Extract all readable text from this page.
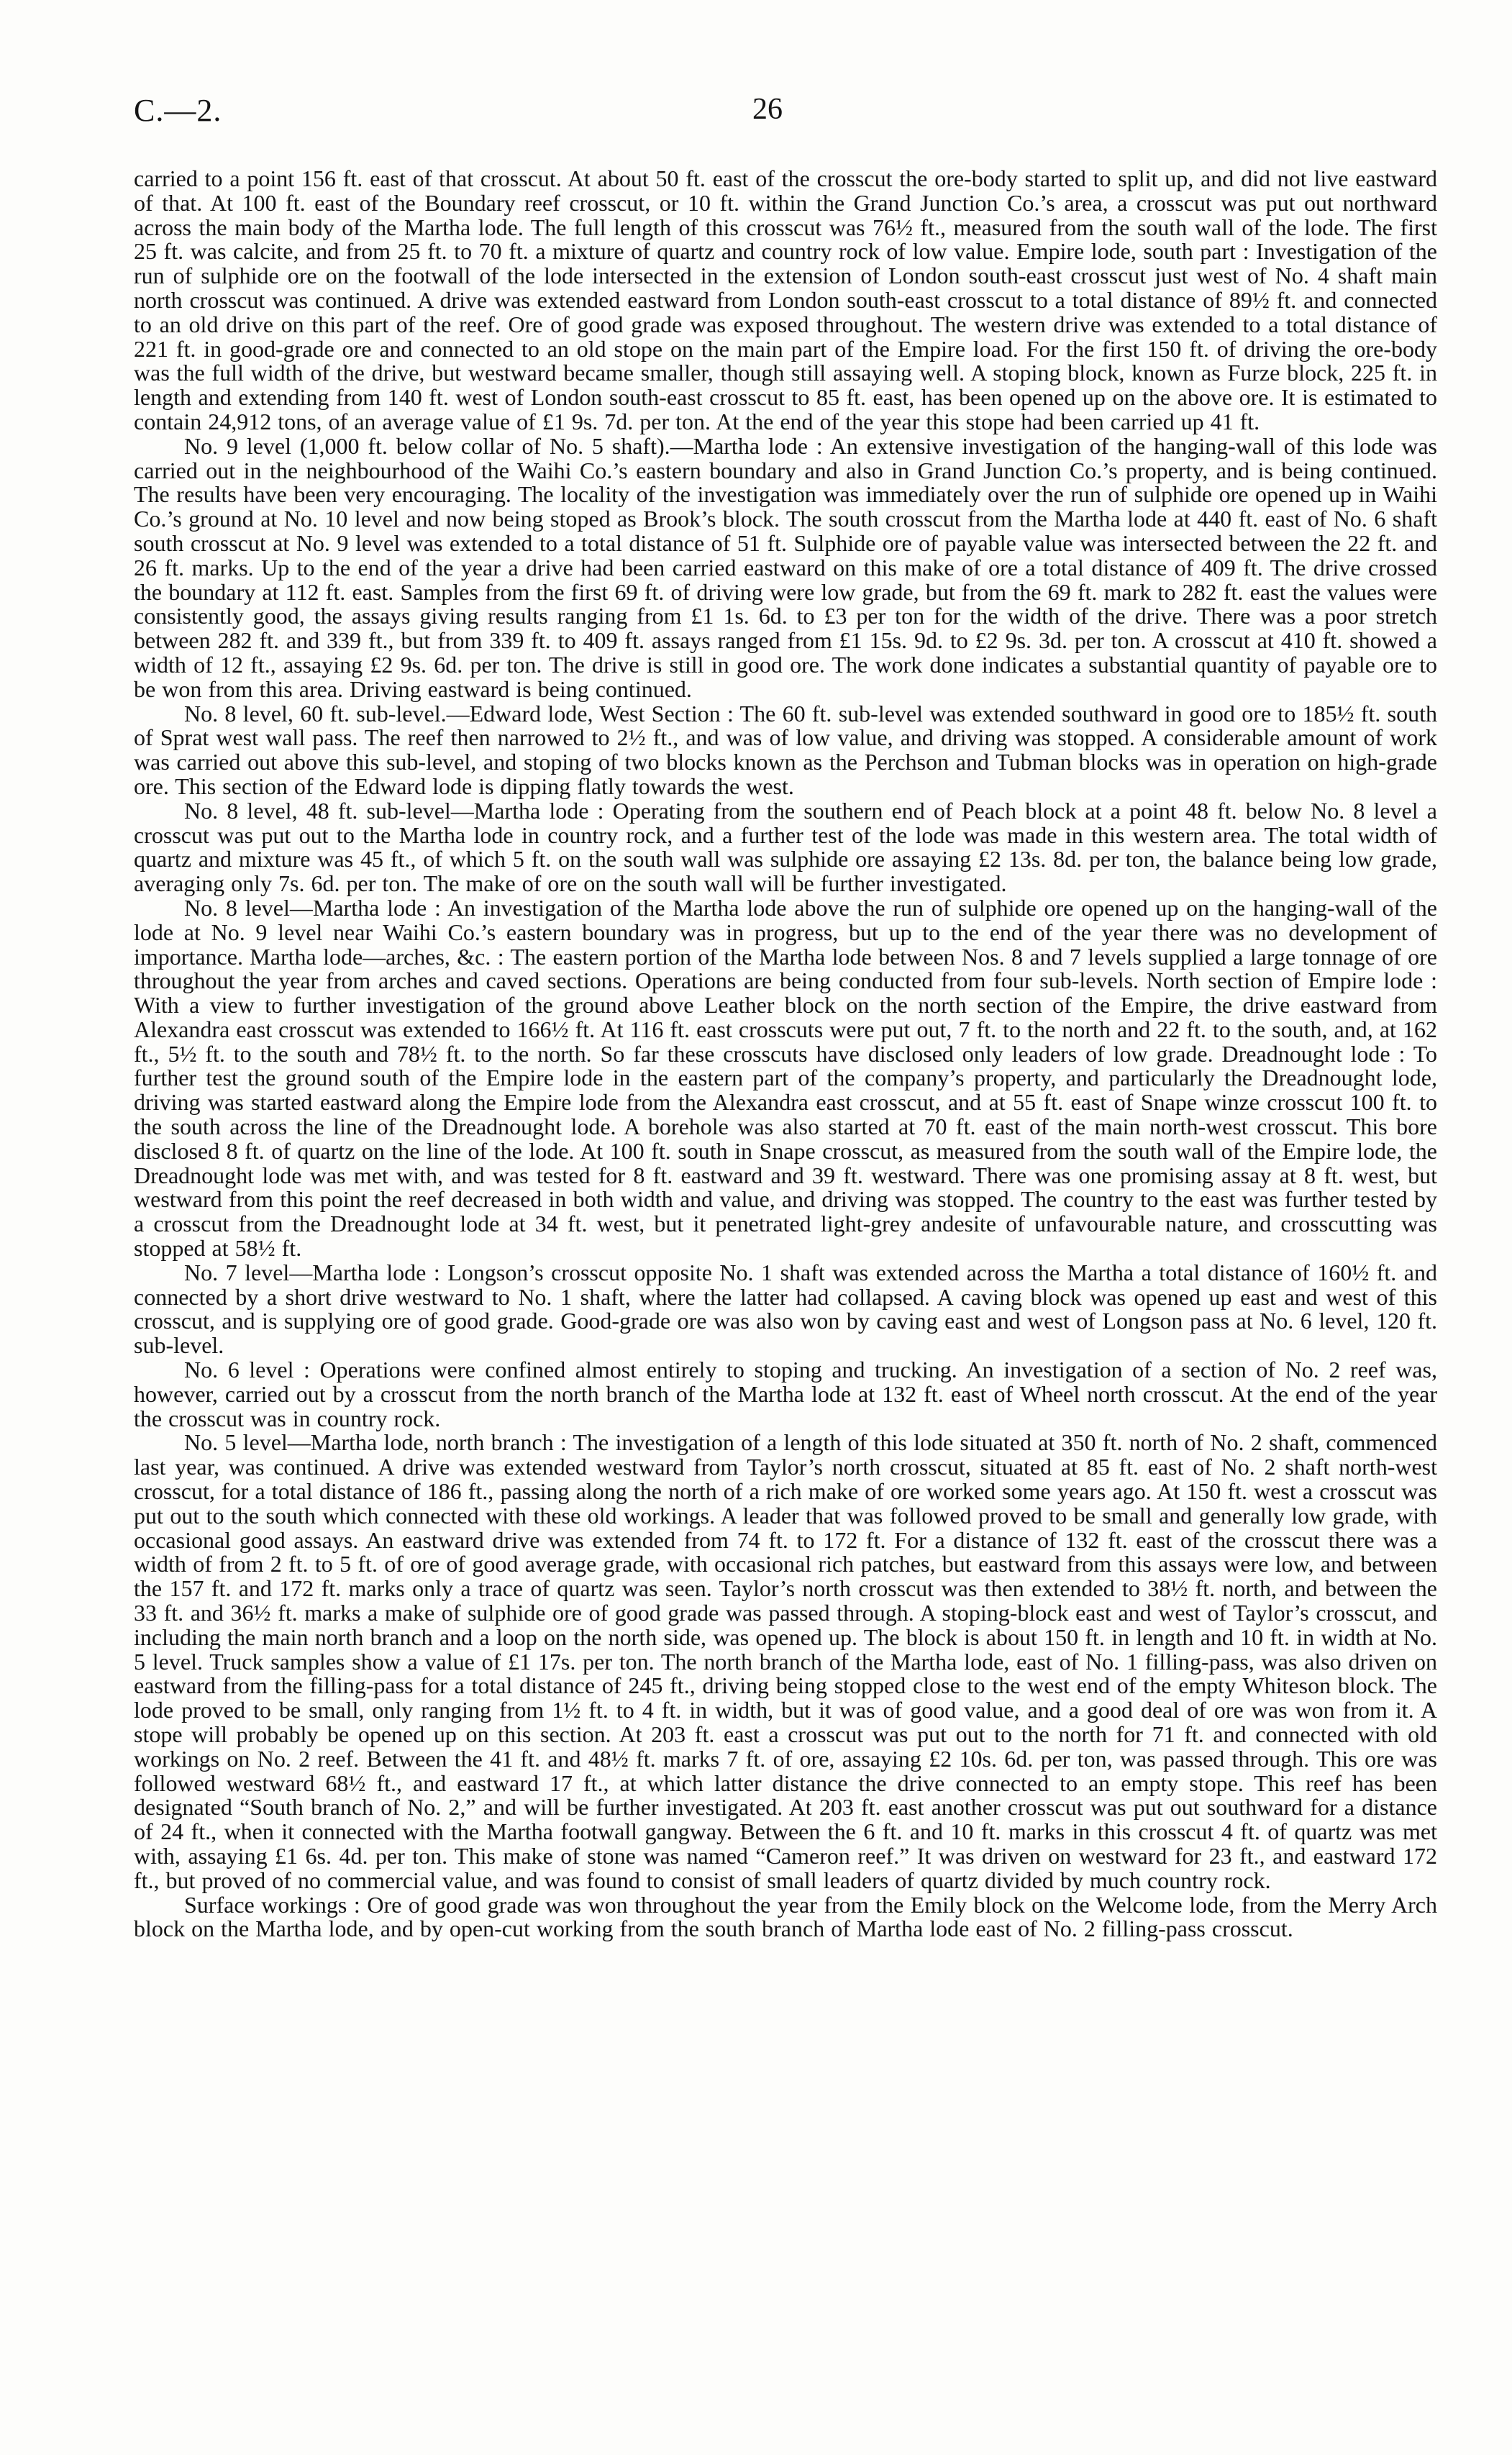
C.—2.	26

carried to a point 156 ft. east of that crosscut. At about 50 ft. east of the crosscut the ore-body started to split up, and did not live eastward of that. At 100 ft. east of the Boundary reef crosscut, or 10 ft. within the Grand Junction Co.’s area, a crosscut was put out northward across the main body of the Martha lode. The full length of this crosscut was 76½ ft., measured from the south wall of the lode. The first 25 ft. was calcite, and from 25 ft. to 70 ft. a mixture of quartz and country rock of low value. Empire lode, south part : Investigation of the run of sulphide ore on the footwall of the lode intersected in the extension of London south-east crosscut just west of No. 4 shaft main north crosscut was continued. A drive was extended eastward from London south-east crosscut to a total distance of 89½ ft. and connected to an old drive on this part of the reef. Ore of good grade was exposed throughout. The western drive was extended to a total distance of 221 ft. in good-grade ore and connected to an old stope on the main part of the Empire load. For the first 150 ft. of driving the ore-body was the full width of the drive, but westward became smaller, though still assaying well. A stoping block, known as Furze block, 225 ft. in length and extending from 140 ft. west of London south-east crosscut to 85 ft. east, has been opened up on the above ore. It is estimated to contain 24,912 tons, of an average value of £1 9s. 7d. per ton. At the end of the year this stope had been carried up 41 ft.

No. 9 level (1,000 ft. below collar of No. 5 shaft).—Martha lode : An extensive investigation of the hanging-wall of this lode was carried out in the neighbourhood of the Waihi Co.’s eastern boundary and also in Grand Junction Co.’s property, and is being continued. The results have been very encouraging. The locality of the investigation was immediately over the run of sulphide ore opened up in Waihi Co.’s ground at No. 10 level and now being stoped as Brook’s block. The south crosscut from the Martha lode at 440 ft. east of No. 6 shaft south crosscut at No. 9 level was extended to a total distance of 51 ft. Sulphide ore of payable value was intersected between the 22 ft. and 26 ft. marks. Up to the end of the year a drive had been carried eastward on this make of ore a total distance of 409 ft. The drive crossed the boundary at 112 ft. east. Samples from the first 69 ft. of driving were low grade, but from the 69 ft. mark to 282 ft. east the values were consistently good, the assays giving results ranging from £1 1s. 6d. to £3 per ton for the width of the drive. There was a poor stretch between 282 ft. and 339 ft., but from 339 ft. to 409 ft. assays ranged from £1 15s. 9d. to £2 9s. 3d. per ton. A crosscut at 410 ft. showed a width of 12 ft., assaying £2 9s. 6d. per ton. The drive is still in good ore. The work done indicates a substantial quantity of payable ore to be won from this area. Driving eastward is being continued.

No. 8 level, 60 ft. sub-level.—Edward lode, West Section : The 60 ft. sub-level was extended southward in good ore to 185½ ft. south of Sprat west wall pass. The reef then narrowed to 2½ ft., and was of low value, and driving was stopped. A considerable amount of work was carried out above this sub-level, and stoping of two blocks known as the Perchson and Tubman blocks was in operation on high-grade ore. This section of the Edward lode is dipping flatly towards the west.

No. 8 level, 48 ft. sub-level—Martha lode : Operating from the southern end of Peach block at a point 48 ft. below No. 8 level a crosscut was put out to the Martha lode in country rock, and a further test of the lode was made in this western area. The total width of quartz and mixture was 45 ft., of which 5 ft. on the south wall was sulphide ore assaying £2 13s. 8d. per ton, the balance being low grade, averaging only 7s. 6d. per ton. The make of ore on the south wall will be further investigated.

No. 8 level—Martha lode : An investigation of the Martha lode above the run of sulphide ore opened up on the hanging-wall of the lode at No. 9 level near Waihi Co.’s eastern boundary was in progress, but up to the end of the year there was no development of importance. Martha lode—arches, &c. : The eastern portion of the Martha lode between Nos. 8 and 7 levels supplied a large tonnage of ore throughout the year from arches and caved sections. Operations are being conducted from four sub-levels. North section of Empire lode : With a view to further investigation of the ground above Leather block on the north section of the Empire, the drive eastward from Alexandra east crosscut was extended to 166½ ft. At 116 ft. east crosscuts were put out, 7 ft. to the north and 22 ft. to the south, and, at 162 ft., 5½ ft. to the south and 78½ ft. to the north. So far these crosscuts have disclosed only leaders of low grade. Dreadnought lode : To further test the ground south of the Empire lode in the eastern part of the company’s property, and particularly the Dreadnought lode, driving was started eastward along the Empire lode from the Alexandra east crosscut, and at 55 ft. east of Snape winze crosscut 100 ft. to the south across the line of the Dreadnought lode. A borehole was also started at 70 ft. east of the main north-west crosscut. This bore disclosed 8 ft. of quartz on the line of the lode. At 100 ft. south in Snape crosscut, as measured from the south wall of the Empire lode, the Dreadnought lode was met with, and was tested for 8 ft. eastward and 39 ft. westward. There was one promising assay at 8 ft. west, but westward from this point the reef decreased in both width and value, and driving was stopped. The country to the east was further tested by a crosscut from the Dreadnought lode at 34 ft. west, but it penetrated light-grey andesite of unfavourable nature, and crosscutting was stopped at 58½ ft.

No. 7 level—Martha lode : Longson’s crosscut opposite No. 1 shaft was extended across the Martha a total distance of 160½ ft. and connected by a short drive westward to No. 1 shaft, where the latter had collapsed. A caving block was opened up east and west of this crosscut, and is supplying ore of good grade. Good-grade ore was also won by caving east and west of Longson pass at No. 6 level, 120 ft. sub-level.

No. 6 level : Operations were confined almost entirely to stoping and trucking. An investigation of a section of No. 2 reef was, however, carried out by a crosscut from the north branch of the Martha lode at 132 ft. east of Wheel north crosscut. At the end of the year the crosscut was in country rock.

No. 5 level—Martha lode, north branch : The investigation of a length of this lode situated at 350 ft. north of No. 2 shaft, commenced last year, was continued. A drive was extended westward from Taylor’s north crosscut, situated at 85 ft. east of No. 2 shaft north-west crosscut, for a total distance of 186 ft., passing along the north of a rich make of ore worked some years ago. At 150 ft. west a crosscut was put out to the south which connected with these old workings. A leader that was followed proved to be small and generally low grade, with occasional good assays. An eastward drive was extended from 74 ft. to 172 ft. For a distance of 132 ft. east of the crosscut there was a width of from 2 ft. to 5 ft. of ore of good average grade, with occasional rich patches, but eastward from this assays were low, and between the 157 ft. and 172 ft. marks only a trace of quartz was seen. Taylor’s north crosscut was then extended to 38½ ft. north, and between the 33 ft. and 36½ ft. marks a make of sulphide ore of good grade was passed through. A stoping-block east and west of Taylor’s crosscut, and including the main north branch and a loop on the north side, was opened up. The block is about 150 ft. in length and 10 ft. in width at No. 5 level. Truck samples show a value of £1 17s. per ton. The north branch of the Martha lode, east of No. 1 filling-pass, was also driven on eastward from the filling-pass for a total distance of 245 ft., driving being stopped close to the west end of the empty Whiteson block. The lode proved to be small, only ranging from 1½ ft. to 4 ft. in width, but it was of good value, and a good deal of ore was won from it. A stope will probably be opened up on this section. At 203 ft. east a crosscut was put out to the north for 71 ft. and connected with old workings on No. 2 reef. Between the 41 ft. and 48½ ft. marks 7 ft. of ore, assaying £2 10s. 6d. per ton, was passed through. This ore was followed westward 68½ ft., and eastward 17 ft., at which latter distance the drive connected to an empty stope. This reef has been designated “South branch of No. 2,” and will be further investigated. At 203 ft. east another crosscut was put out southward for a distance of 24 ft., when it connected with the Martha footwall gangway. Between the 6 ft. and 10 ft. marks in this crosscut 4 ft. of quartz was met with, assaying £1 6s. 4d. per ton. This make of stone was named “Cameron reef.” It was driven on westward for 23 ft., and eastward 172 ft., but proved of no commercial value, and was found to consist of small leaders of quartz divided by much country rock.

Surface workings : Ore of good grade was won throughout the year from the Emily block on the Welcome lode, from the Merry Arch block on the Martha lode, and by open-cut working from the south branch of Martha lode east of No. 2 filling-pass crosscut.
